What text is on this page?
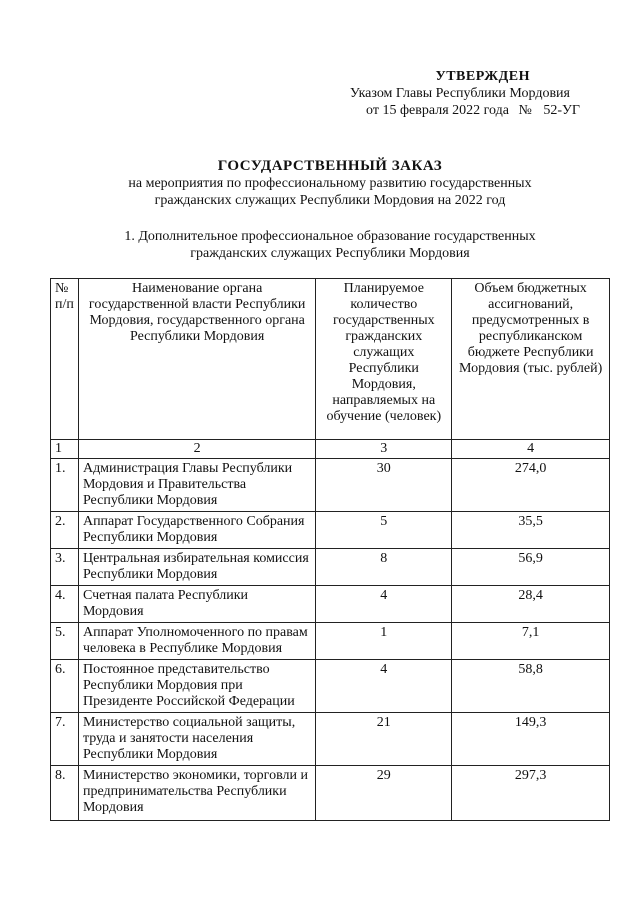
УТВЕРЖДЕН
Указом Главы Республики Мордовия
от 15 февраля 2022 года № 52-УГ
ГОСУДАРСТВЕННЫЙ ЗАКАЗ
на мероприятия по профессиональному развитию государственных
гражданских служащих Республики Мордовия на 2022 год
1. Дополнительное профессиональное образование государственных
гражданских служащих Республики Мордовия
№ п/п	Наименование органа государственной власти Республики Мордовия, государственного органа Республики Мордовия	Планируемое количество государственных гражданских служащих Республики Мордовия, направляемых на обучение (человек)	Объем бюджетных ассигнований, предусмотренных в республиканском бюджете Республики Мордовия (тыс. рублей)
1	2	3	4
1.	Администрация Главы Республики Мордовия и Правительства Республики Мордовия	30	274,0
2.	Аппарат Государственного Собрания Республики Мордовия	5	35,5
3.	Центральная избирательная комиссия Республики Мордовия	8	56,9
4.	Счетная палата Республики Мордовия	4	28,4
5.	Аппарат Уполномоченного по правам человека в Республике Мордовия	1	7,1
6.	Постоянное представительство Республики Мордовия при Президенте Российской Федерации	4	58,8
7.	Министерство социальной защиты, труда и занятости населения Республики Мордовия	21	149,3
8.	Министерство экономики, торговли и предпринимательства Республики Мордовия	29	297,3
